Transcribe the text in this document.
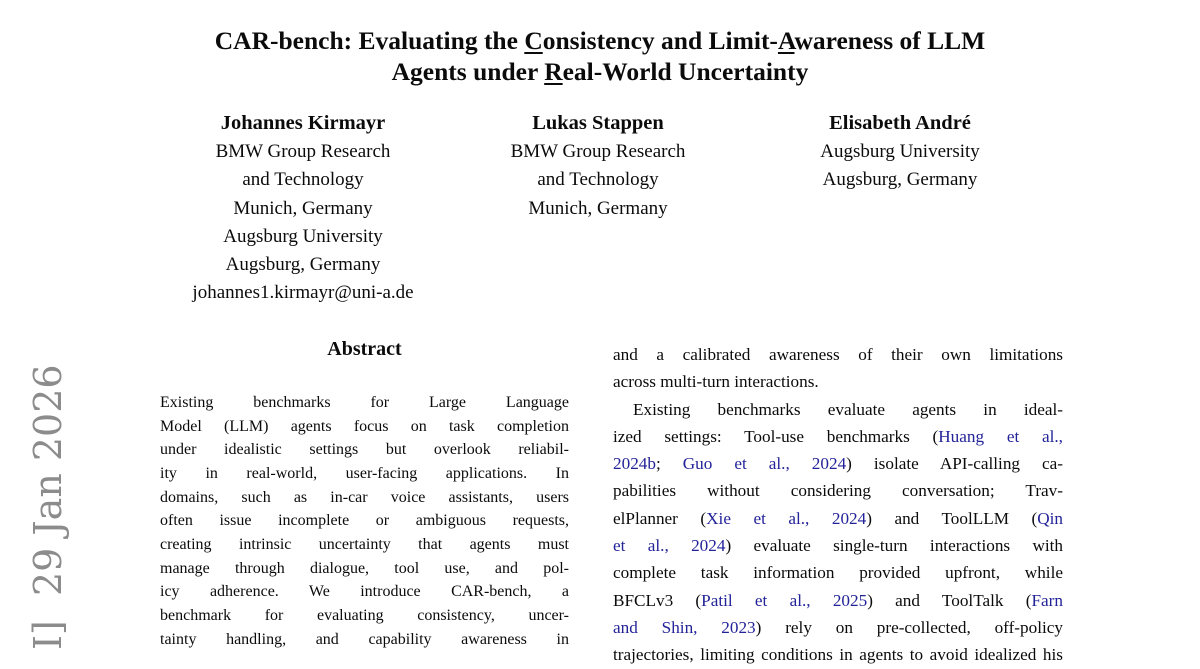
I]  29 Jan 2026
CAR-bench: Evaluating the Consistency and Limit-Awareness of LLM
Agents under Real-World Uncertainty
Johannes Kirmayr
BMW Group Research
and Technology
Munich, Germany
Augsburg University
Augsburg, Germany
johannes1.kirmayr@uni-a.de
Lukas Stappen
BMW Group Research
and Technology
Munich, Germany
Elisabeth André
Augsburg University
Augsburg, Germany
Abstract
Existing benchmarks for Large Language
Model (LLM) agents focus on task completion
under idealistic settings but overlook reliabil-
ity in real-world, user-facing applications. In
domains, such as in-car voice assistants, users
often issue incomplete or ambiguous requests,
creating intrinsic uncertainty that agents must
manage through dialogue, tool use, and pol-
icy adherence. We introduce CAR-bench, a
benchmark for evaluating consistency, uncer-
tainty handling, and capability awareness in
and a calibrated awareness of their own limitations
across multi-turn interactions.
Existing benchmarks evaluate agents in ideal-
ized settings: Tool-use benchmarks (Huang et al.,
2024b; Guo et al., 2024) isolate API-calling ca-
pabilities without considering conversation; Trav-
elPlanner (Xie et al., 2024) and ToolLLM (Qin
et al., 2024) evaluate single-turn interactions with
complete task information provided upfront, while
BFCLv3 (Patil et al., 2025) and ToolTalk (Farn
and Shin, 2023) rely on pre-collected, off-policy
trajectories, limiting conditions in agents to avoid idealized his
